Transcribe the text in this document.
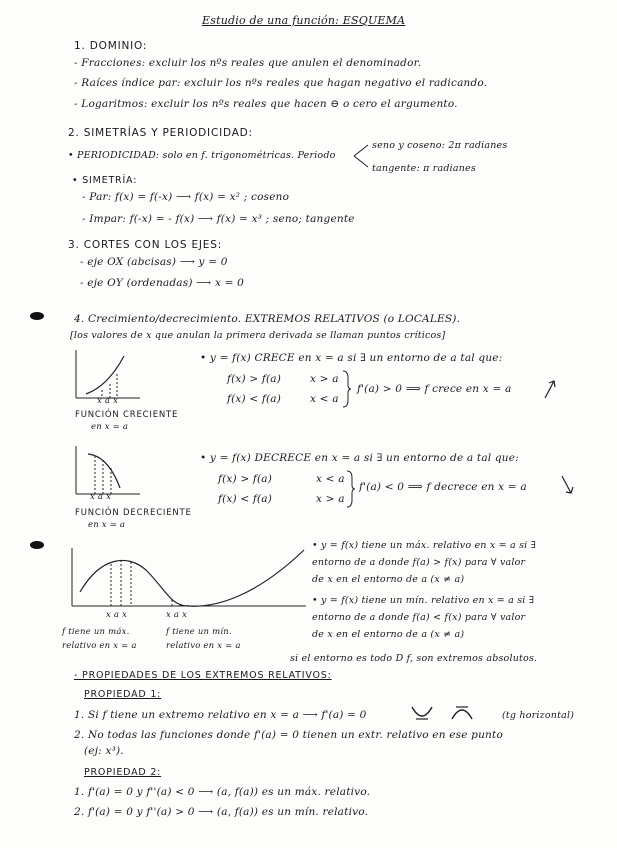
Estudio de una función: ESQUEMA
1. DOMINIO:
- Fracciones: excluir los nºs reales que anulen el denominador.
- Raíces índice par: excluir los nºs reales que hagan negativo el radicando.
- Logaritmos: excluir los nºs reales que hacen ⊖ o cero el argumento.
2. SIMETRÍAS Y PERIODICIDAD:
• PERIODICIDAD: solo en f. trigonométricas. Periodo
seno y coseno: 2π radianes
tangente: π radianes
• SIMETRÍA:
- Par: f(x) = f(-x) ⟶ f(x) = x² ; coseno
- Impar: f(-x) = - f(x) ⟶ f(x) = x³ ; seno; tangente
3. CORTES CON LOS EJES:
- eje OX (abcisas) ⟶ y = 0
- eje OY (ordenadas) ⟶ x = 0
4. Crecimiento/decrecimiento. EXTREMOS RELATIVOS (o LOCALES).
[los valores de x que anulan la primera derivada se llaman puntos críticos]
x a x
FUNCIÓN CRECIENTE
en x = a
• y = f(x) CRECE en x = a si ∃ un entorno de a tal que:
f(x) > f(a)	x > a
f(x) < f(a)	x < a
f'(a) > 0 ⟹ f crece en x = a
x a x
FUNCIÓN DECRECIENTE
en x = a
• y = f(x) DECRECE en x = a si ∃ un entorno de a tal que:
f(x) > f(a)	x < a
f(x) < f(a)	x > a
f'(a) < 0 ⟹ f decrece en x = a
x a x	x a x
f tiene un máx.
relativo en x = a
f tiene un mín.
relativo en x = a
• y = f(x) tiene un máx. relativo en x = a si ∃
entorno de a donde f(a) > f(x) para ∀ valor
de x en el entorno de a (x ≠ a)
• y = f(x) tiene un mín. relativo en x = a si ∃
entorno de a donde f(a) < f(x) para ∀ valor
de x en el entorno de a (x ≠ a)
si el entorno es todo D f, son extremos absolutos.
- PROPIEDADES DE LOS EXTREMOS RELATIVOS:
PROPIEDAD 1:
1. Si f tiene un extremo relativo en x = a ⟶ f'(a) = 0	(tg horizontal)
2. No todas las funciones donde f'(a) = 0 tienen un extr. relativo en ese punto
(ej: x³).
PROPIEDAD 2:
1. f'(a) = 0 y f''(a) < 0 ⟶ (a, f(a)) es un máx. relativo.
2. f'(a) = 0 y f''(a) > 0 ⟶ (a, f(a)) es un mín. relativo.
